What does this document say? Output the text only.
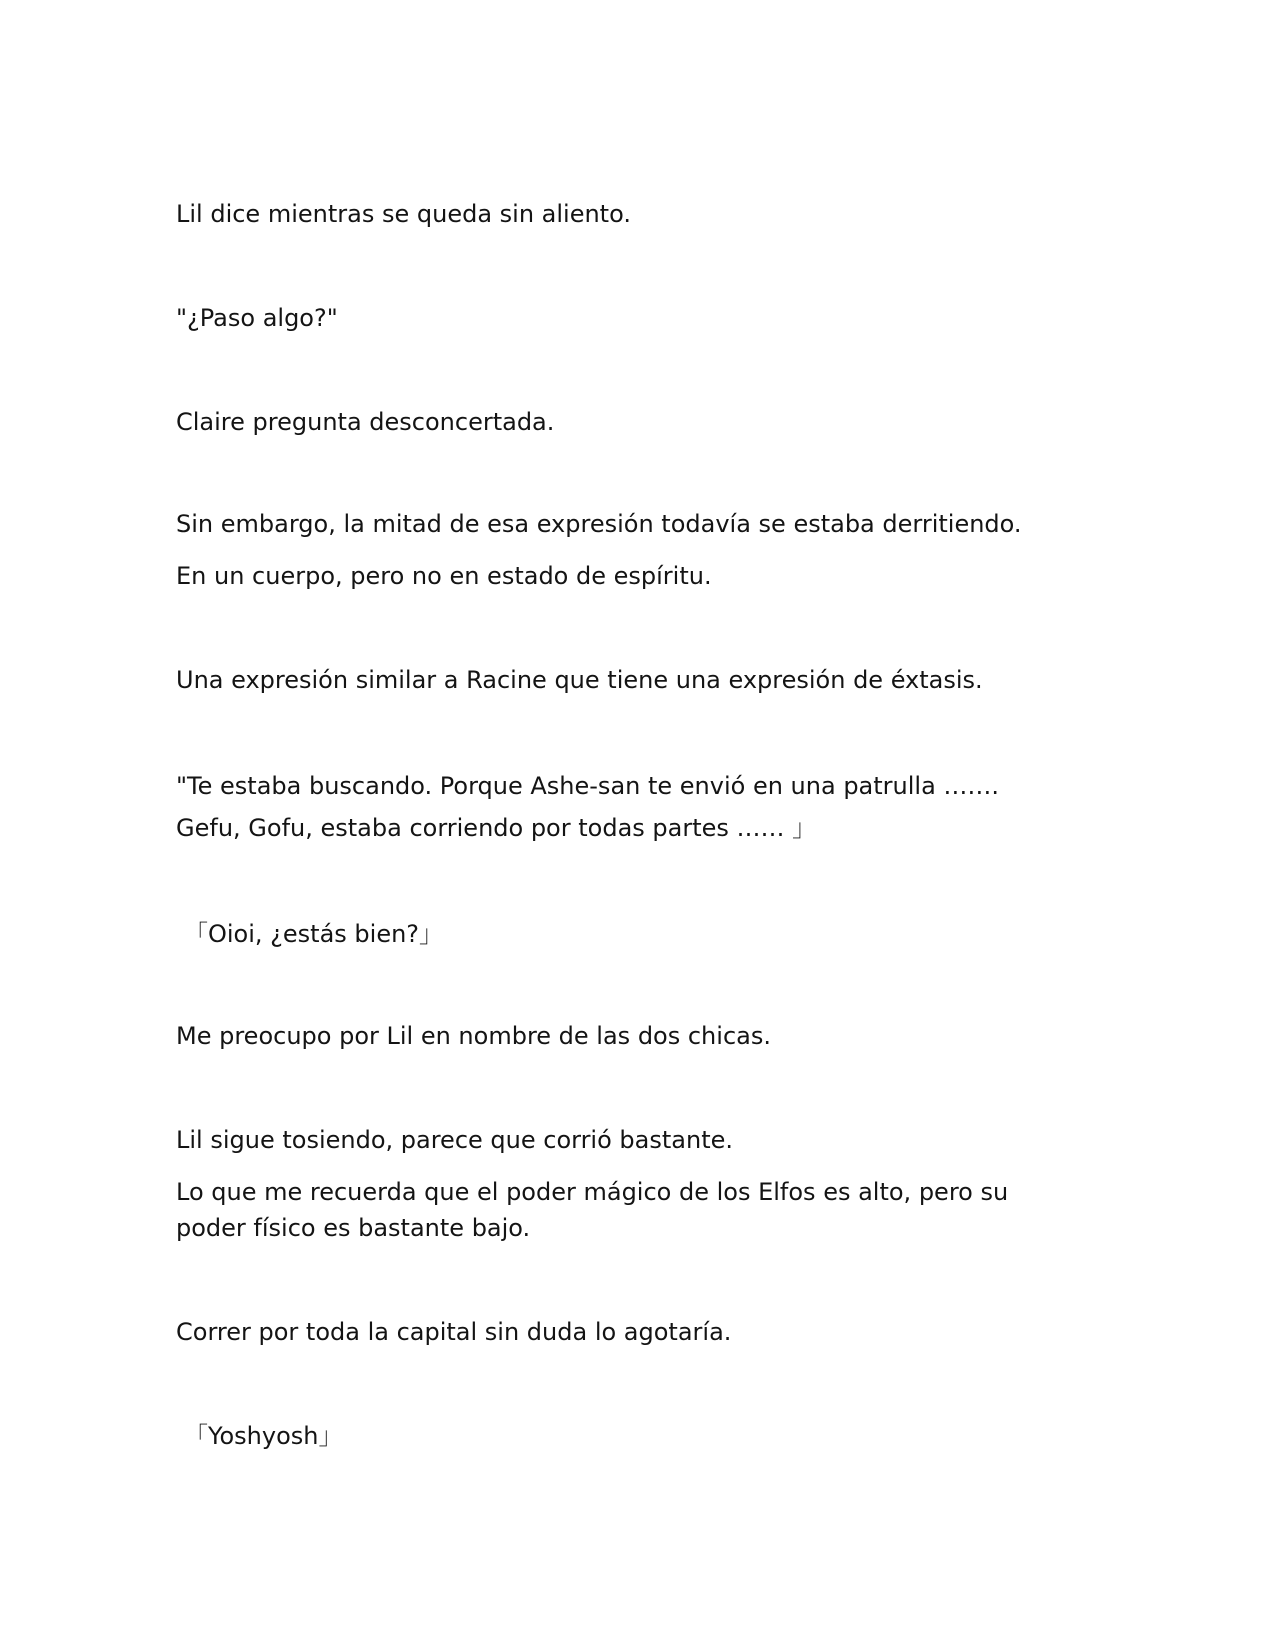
Lil dice mientras se queda sin aliento.

"¿Paso algo?"

Claire pregunta desconcertada.

Sin embargo, la mitad de esa expresión todavía se estaba derritiendo.

En un cuerpo, pero no en estado de espíritu.

Una expresión similar a Racine que tiene una expresión de éxtasis.

"Te estaba buscando. Porque Ashe-san te envió en una patrulla …….

Gefu, Gofu, estaba corriendo por todas partes …… 」

「Oioi, ¿estás bien?」

Me preocupo por Lil en nombre de las dos chicas.

Lil sigue tosiendo, parece que corrió bastante.

Lo que me recuerda que el poder mágico de los Elfos es alto, pero su

poder físico es bastante bajo.

Correr por toda la capital sin duda lo agotaría.

「Yoshyosh」
